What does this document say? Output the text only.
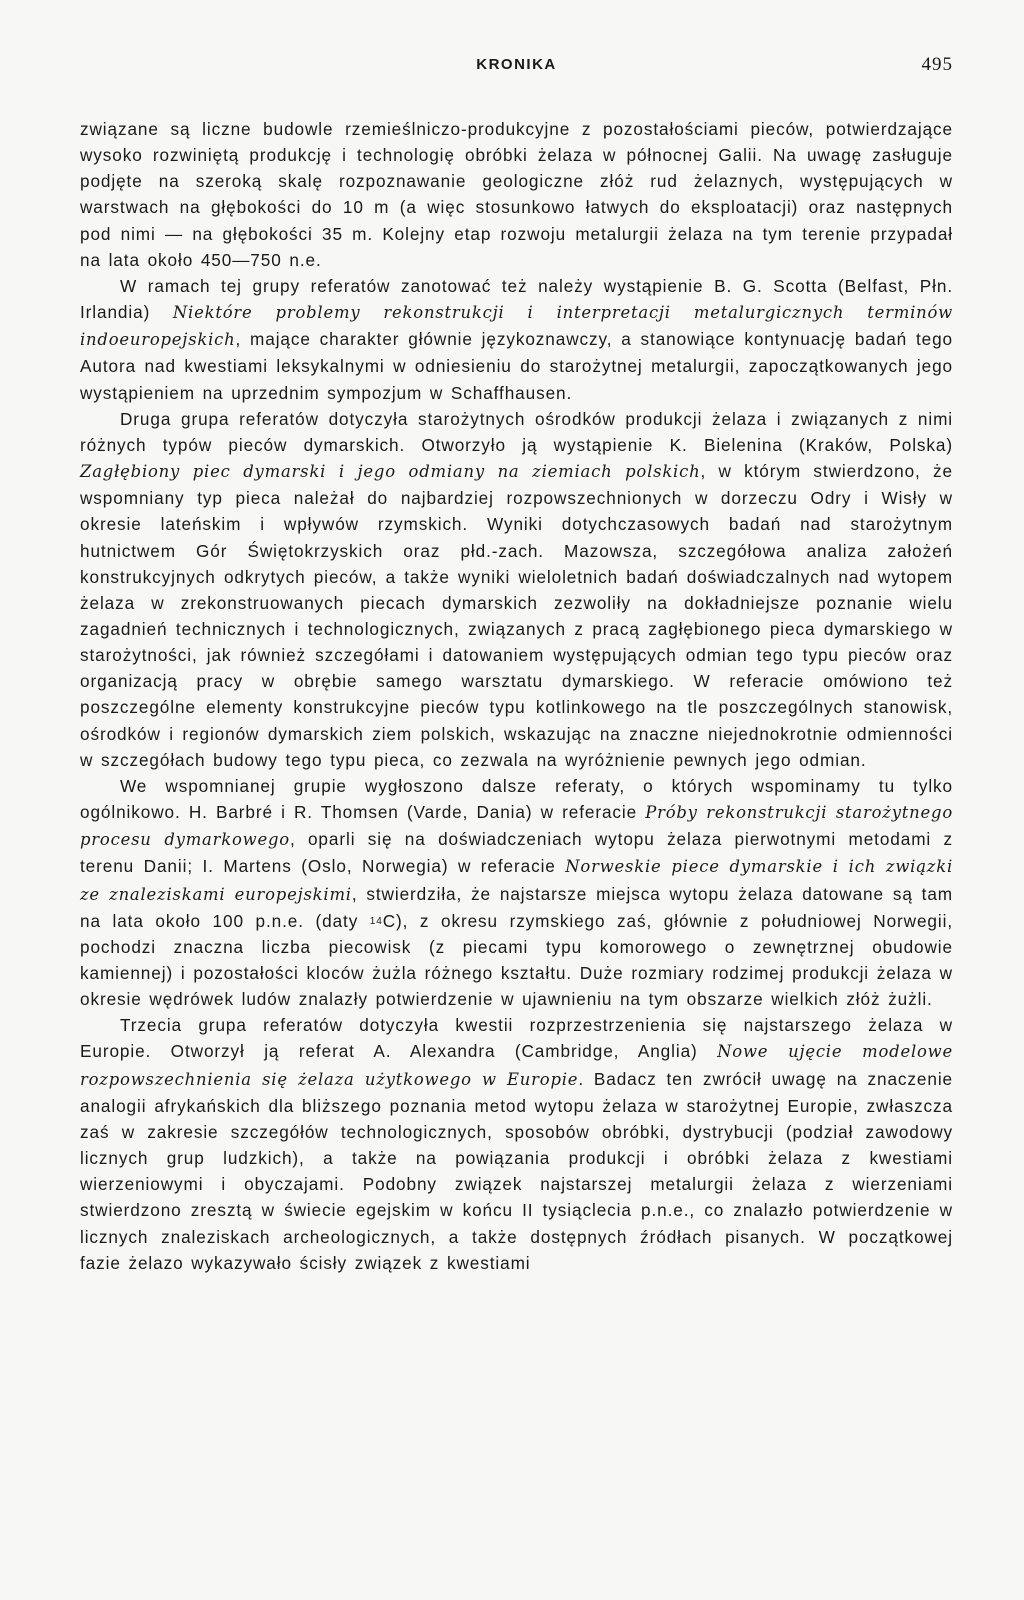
KRONIKA	495

związane są liczne budowle rzemieślniczo-produkcyjne z pozostałościami pieców, potwierdzające wysoko rozwiniętą produkcję i technologię obróbki żelaza w północnej Galii. Na uwagę zasługuje podjęte na szeroką skalę rozpoznawanie geologiczne złóż rud żelaznych, występujących w warstwach na głębokości do 10 m (a więc stosunkowo łatwych do eksploatacji) oraz następnych pod nimi — na głębokości 35 m. Kolejny etap rozwoju metalurgii żelaza na tym terenie przypadał na lata około 450—750 n.e.

W ramach tej grupy referatów zanotować też należy wystąpienie B. G. Scotta (Belfast, Płn. Irlandia) Niektóre problemy rekonstrukcji i interpretacji metalurgicznych terminów indoeuropejskich, mające charakter głównie językoznawczy, a stanowiące kontynuację badań tego Autora nad kwestiami leksykalnymi w odniesieniu do starożytnej metalurgii, zapoczątkowanych jego wystąpieniem na uprzednim sympozjum w Schaffhausen.

Druga grupa referatów dotyczyła starożytnych ośrodków produkcji żelaza i związanych z nimi różnych typów pieców dymarskich. Otworzyło ją wystąpienie K. Bielenina (Kraków, Polska) Zagłębiony piec dymarski i jego odmiany na ziemiach polskich, w którym stwierdzono, że wspomniany typ pieca należał do najbardziej rozpowszechnionych w dorzeczu Odry i Wisły w okresie lateńskim i wpływów rzymskich. Wyniki dotychczasowych badań nad starożytnym hutnictwem Gór Świętokrzyskich oraz płd.-zach. Mazowsza, szczegółowa analiza założeń konstrukcyjnych odkrytych pieców, a także wyniki wieloletnich badań doświadczalnych nad wytopem żelaza w zrekonstruowanych piecach dymarskich zezwoliły na dokładniejsze poznanie wielu zagadnień technicznych i technologicznych, związanych z pracą zagłębionego pieca dymarskiego w starożytności, jak również szczegółami i datowaniem występujących odmian tego typu pieców oraz organizacją pracy w obrębie samego warsztatu dymarskiego. W referacie omówiono też poszczególne elementy konstrukcyjne pieców typu kotlinkowego na tle poszczególnych stanowisk, ośrodków i regionów dymarskich ziem polskich, wskazując na znaczne niejednokrotnie odmienności w szczegółach budowy tego typu pieca, co zezwala na wyróżnienie pewnych jego odmian.

We wspomnianej grupie wygłoszono dalsze referaty, o których wspominamy tu tylko ogólnikowo. H. Barbré i R. Thomsen (Varde, Dania) w referacie Próby rekonstrukcji starożytnego procesu dymarkowego, oparli się na doświadczeniach wytopu żelaza pierwotnymi metodami z terenu Danii; I. Martens (Oslo, Norwegia) w referacie Norweskie piece dymarskie i ich związki ze znaleziskami europejskimi, stwierdziła, że najstarsze miejsca wytopu żelaza datowane są tam na lata około 100 p.n.e. (daty $^{14}$C), z okresu rzymskiego zaś, głównie z południowej Norwegii, pochodzi znaczna liczba piecowisk (z piecami typu komorowego o zewnętrznej obudowie kamiennej) i pozostałości kloców żużla różnego kształtu. Duże rozmiary rodzimej produkcji żelaza w okresie wędrówek ludów znalazły potwierdzenie w ujawnieniu na tym obszarze wielkich złóż żużli.

Trzecia grupa referatów dotyczyła kwestii rozprzestrzenienia się najstarszego żelaza w Europie. Otworzył ją referat A. Alexandra (Cambridge, Anglia) Nowe ujęcie modelowe rozpowszechnienia się żelaza użytkowego w Europie. Badacz ten zwrócił uwagę na znaczenie analogii afrykańskich dla bliższego poznania metod wytopu żelaza w starożytnej Europie, zwłaszcza zaś w zakresie szczegółów technologicznych, sposobów obróbki, dystrybucji (podział zawodowy licznych grup ludzkich), a także na powiązania produkcji i obróbki żelaza z kwestiami wierzeniowymi i obyczajami. Podobny związek najstarszej metalurgii żelaza z wierzeniami stwierdzono zresztą w świecie egejskim w końcu II tysiąclecia p.n.e., co znalazło potwierdzenie w licznych znaleziskach archeologicznych, a także dostępnych źródłach pisanych. W początkowej fazie żelazo wykazywało ścisły związek z kwestiami
